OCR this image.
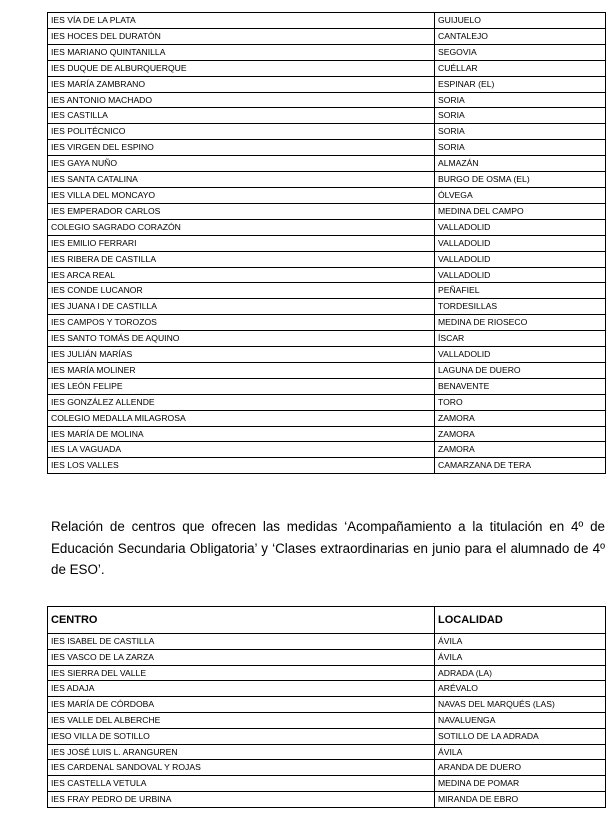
IES VÍA DE LA PLATA	GUIJUELO
IES HOCES DEL DURATÓN	CANTALEJO
IES MARIANO QUINTANILLA	SEGOVIA
IES DUQUE DE ALBURQUERQUE	CUÉLLAR
IES MARÍA ZAMBRANO	ESPINAR (EL)
IES ANTONIO MACHADO	SORIA
IES CASTILLA	SORIA
IES POLITÉCNICO	SORIA
IES VIRGEN DEL ESPINO	SORIA
IES GAYA NUÑO	ALMAZÁN
IES SANTA CATALINA	BURGO DE OSMA (EL)
IES VILLA DEL MONCAYO	ÓLVEGA
IES EMPERADOR CARLOS	MEDINA DEL CAMPO
COLEGIO SAGRADO CORAZÓN	VALLADOLID
IES EMILIO FERRARI	VALLADOLID
IES RIBERA DE CASTILLA	VALLADOLID
IES ARCA REAL	VALLADOLID
IES CONDE LUCANOR	PEÑAFIEL
IES JUANA I DE CASTILLA	TORDESILLAS
IES CAMPOS Y TOROZOS	MEDINA DE RIOSECO
IES SANTO TOMÁS DE AQUINO	ÍSCAR
IES JULIÁN MARÍAS	VALLADOLID
IES MARÍA MOLINER	LAGUNA DE DUERO
IES LEÓN FELIPE	BENAVENTE
IES GONZÁLEZ ALLENDE	TORO
COLEGIO MEDALLA MILAGROSA	ZAMORA
IES MARÍA DE MOLINA	ZAMORA
IES LA VAGUADA	ZAMORA
IES LOS VALLES	CAMARZANA DE TERA
Relación de centros que ofrecen las medidas ‘Acompañamiento a la titulación en 4º de Educación Secundaria Obligatoria’ y ‘Clases extraordinarias en junio para el alumnado de 4º de ESO’.
CENTRO	LOCALIDAD
IES ISABEL DE CASTILLA	ÁVILA
IES VASCO DE LA ZARZA	ÁVILA
IES SIERRA DEL VALLE	ADRADA (LA)
IES ADAJA	ARÉVALO
IES MARÍA DE CÓRDOBA	NAVAS DEL MARQUÉS (LAS)
IES VALLE DEL ALBERCHE	NAVALUENGA
IESO VILLA DE SOTILLO	SOTILLO DE LA ADRADA
IES JOSÉ LUIS L. ARANGUREN	ÁVILA
IES CARDENAL SANDOVAL Y ROJAS	ARANDA DE DUERO
IES CASTELLA VETULA	MEDINA DE POMAR
IES FRAY PEDRO DE URBINA	MIRANDA DE EBRO
